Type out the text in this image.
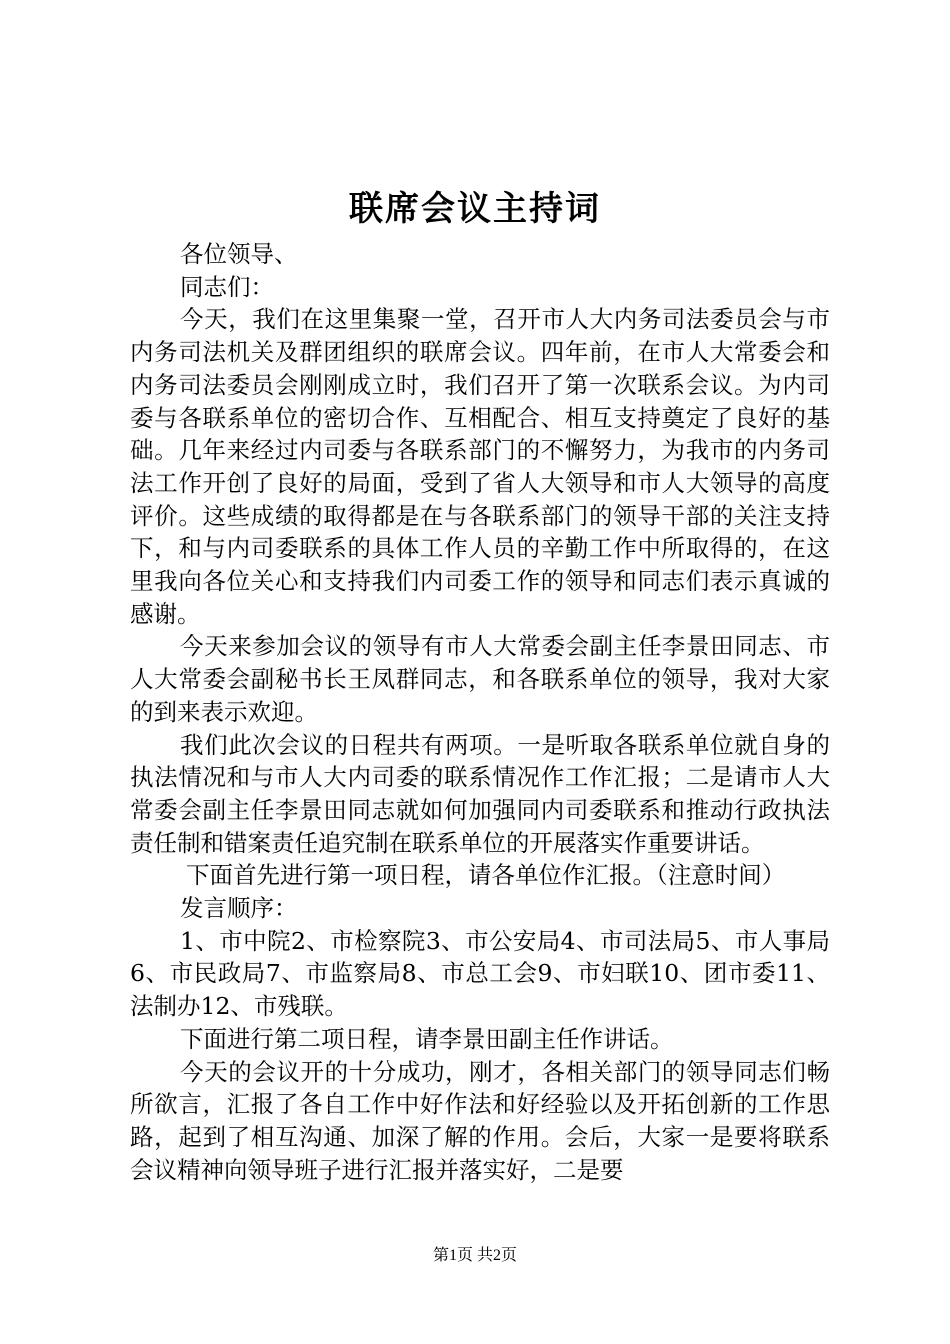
联席会议主持词

各位领导、

同志们：

今天，我们在这里集聚一堂，召开市人大内务司法委员会与市内务司法机关及群团组织的联席会议。四年前，在市人大常委会和内务司法委员会刚刚成立时，我们召开了第一次联系会议。为内司委与各联系单位的密切合作、互相配合、相互支持奠定了良好的基础。几年来经过内司委与各联系部门的不懈努力，为我市的内务司法工作开创了良好的局面，受到了省人大领导和市人大领导的高度评价。这些成绩的取得都是在与各联系部门的领导干部的关注支持下，和与内司委联系的具体工作人员的辛勤工作中所取得的，在这里我向各位关心和支持我们内司委工作的领导和同志们表示真诚的感谢。

今天来参加会议的领导有市人大常委会副主任李景田同志、市人大常委会副秘书长王凤群同志，和各联系单位的领导，我对大家的到来表示欢迎。

我们此次会议的日程共有两项。一是听取各联系单位就自身的执法情况和与市人大内司委的联系情况作工作汇报；二是请市人大常委会副主任李景田同志就如何加强同内司委联系和推动行政执法责任制和错案责任追究制在联系单位的开展落实作重要讲话。

下面首先进行第一项日程，请各单位作汇报。（注意时间）

发言顺序：

1、市中院2、市检察院3、市公安局4、市司法局5、市人事局6、市民政局7、市监察局8、市总工会9、市妇联10、团市委11、法制办12、市残联。

下面进行第二项日程，请李景田副主任作讲话。

今天的会议开的十分成功，刚才，各相关部门的领导同志们畅所欲言，汇报了各自工作中好作法和好经验以及开拓创新的工作思路，起到了相互沟通、加深了解的作用。会后，大家一是要将联系会议精神向领导班子进行汇报并落实好，二是要

第1页 共2页
